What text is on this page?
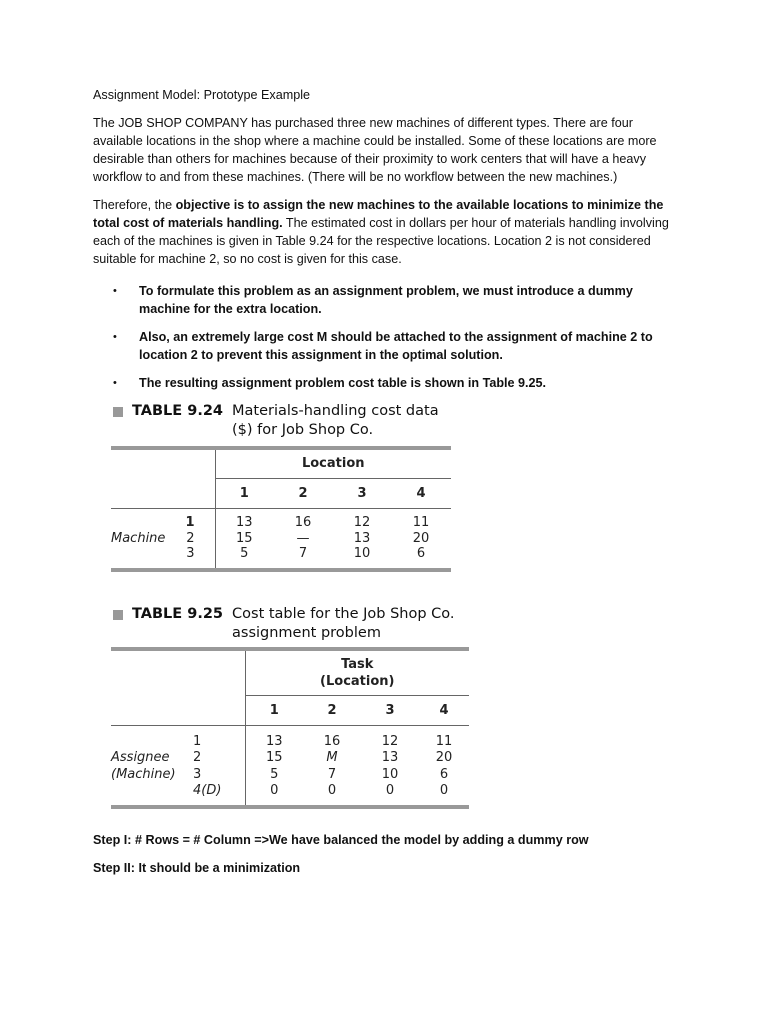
Assignment Model: Prototype Example

The JOB SHOP COMPANY has purchased three new machines of different types. There are four available locations in the shop where a machine could be installed. Some of these locations are more desirable than others for machines because of their proximity to work centers that will have a heavy workflow to and from these machines. (There will be no workflow between the new machines.)

Therefore, the objective is to assign the new machines to the available locations to minimize the total cost of materials handling. The estimated cost in dollars per hour of materials handling involving each of the machines is given in Table 9.24 for the respective locations. Location 2 is not considered suitable for machine 2, so no cost is given for this case.

• To formulate this problem as an assignment problem, we must introduce a dummy machine for the extra location.
• Also, an extremely large cost M should be attached to the assignment of machine 2 to location 2 to prevent this assignment in the optimal solution.
• The resulting assignment problem cost table is shown in Table 9.25.
TABLE 9.24 Materials-handling cost data
($) for Job Shop Co.
		Location			
		1	2	3	4
	1	13	16	12	11
Machine	2	15	—	13	20
	3	5	7	10	6
TABLE 9.25 Cost table for the Job Shop Co.
assignment problem
		Task
(Location)			
		1	2	3	4
	1	13	16	12	11
Assignee	2	15	M	13	20
(Machine)	3	5	7	10	6
	4(D)	0	0	0	0

Step I: # Rows = # Column =>We have balanced the model by adding a dummy row

Step II: It should be a minimization
